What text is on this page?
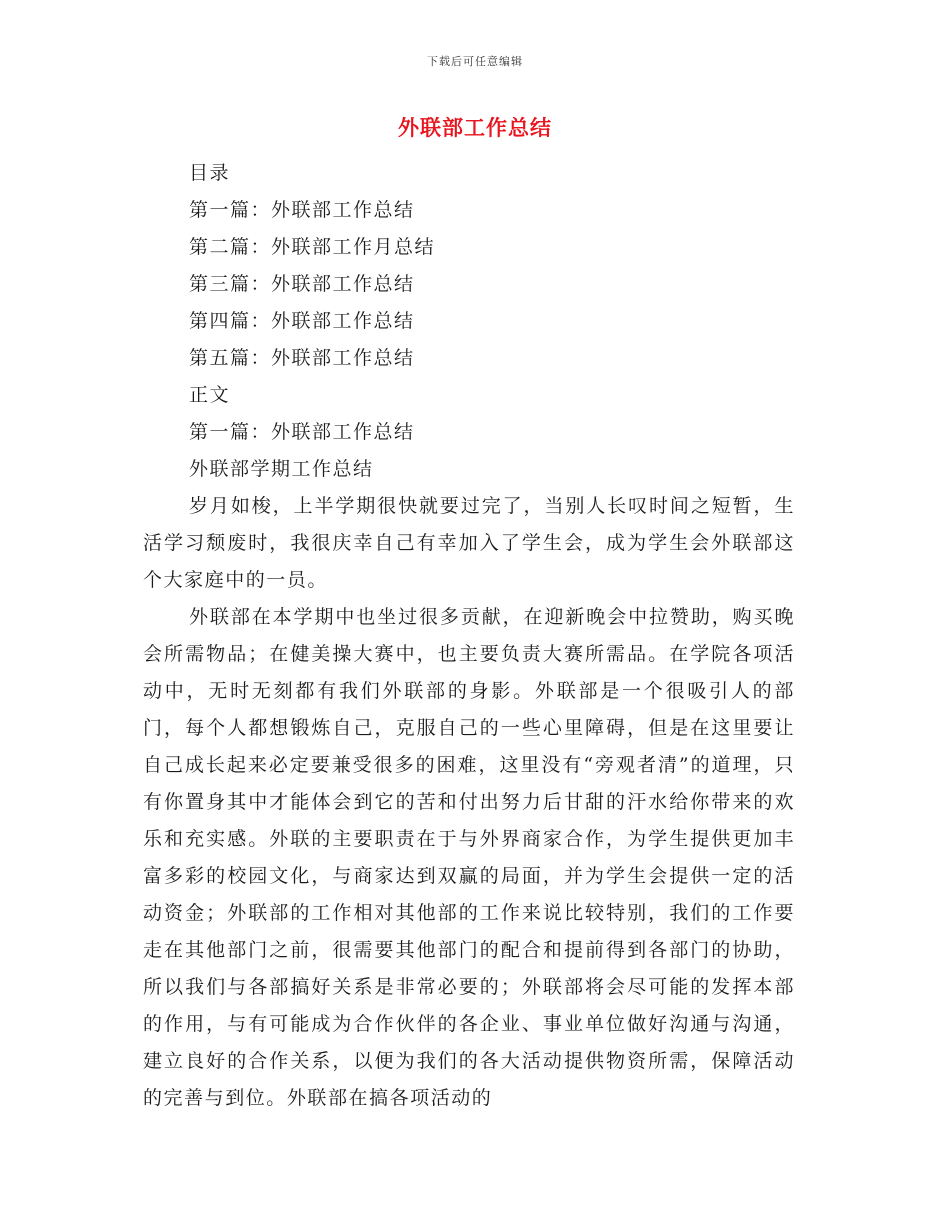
下载后可任意编辑
外联部工作总结
目录
第一篇：外联部工作总结
第二篇：外联部工作月总结
第三篇：外联部工作总结
第四篇：外联部工作总结
第五篇：外联部工作总结
正文
第一篇：外联部工作总结
外联部学期工作总结

岁月如梭，上半学期很快就要过完了，当别人长叹时间之短暂，生活学习颓废时，我很庆幸自己有幸加入了学生会，成为学生会外联部这个大家庭中的一员。

外联部在本学期中也坐过很多贡献，在迎新晚会中拉赞助，购买晚会所需物品；在健美操大赛中，也主要负责大赛所需品。在学院各项活动中，无时无刻都有我们外联部的身影。外联部是一个很吸引人的部门，每个人都想锻炼自己，克服自己的一些心里障碍，但是在这里要让自己成长起来必定要兼受很多的困难，这里没有“旁观者清”的道理，只有你置身其中才能体会到它的苦和付出努力后甘甜的汗水给你带来的欢乐和充实感。外联的主要职责在于与外界商家合作，为学生提供更加丰富多彩的校园文化，与商家达到双赢的局面，并为学生会提供一定的活动资金；外联部的工作相对其他部的工作来说比较特别，我们的工作要走在其他部门之前，很需要其他部门的配合和提前得到各部门的协助，所以我们与各部搞好关系是非常必要的；外联部将会尽可能的发挥本部的作用，与有可能成为合作伙伴的各企业、事业单位做好沟通与沟通，建立良好的合作关系，以便为我们的各大活动提供物资所需，保障活动的完善与到位。外联部在搞各项活动的
